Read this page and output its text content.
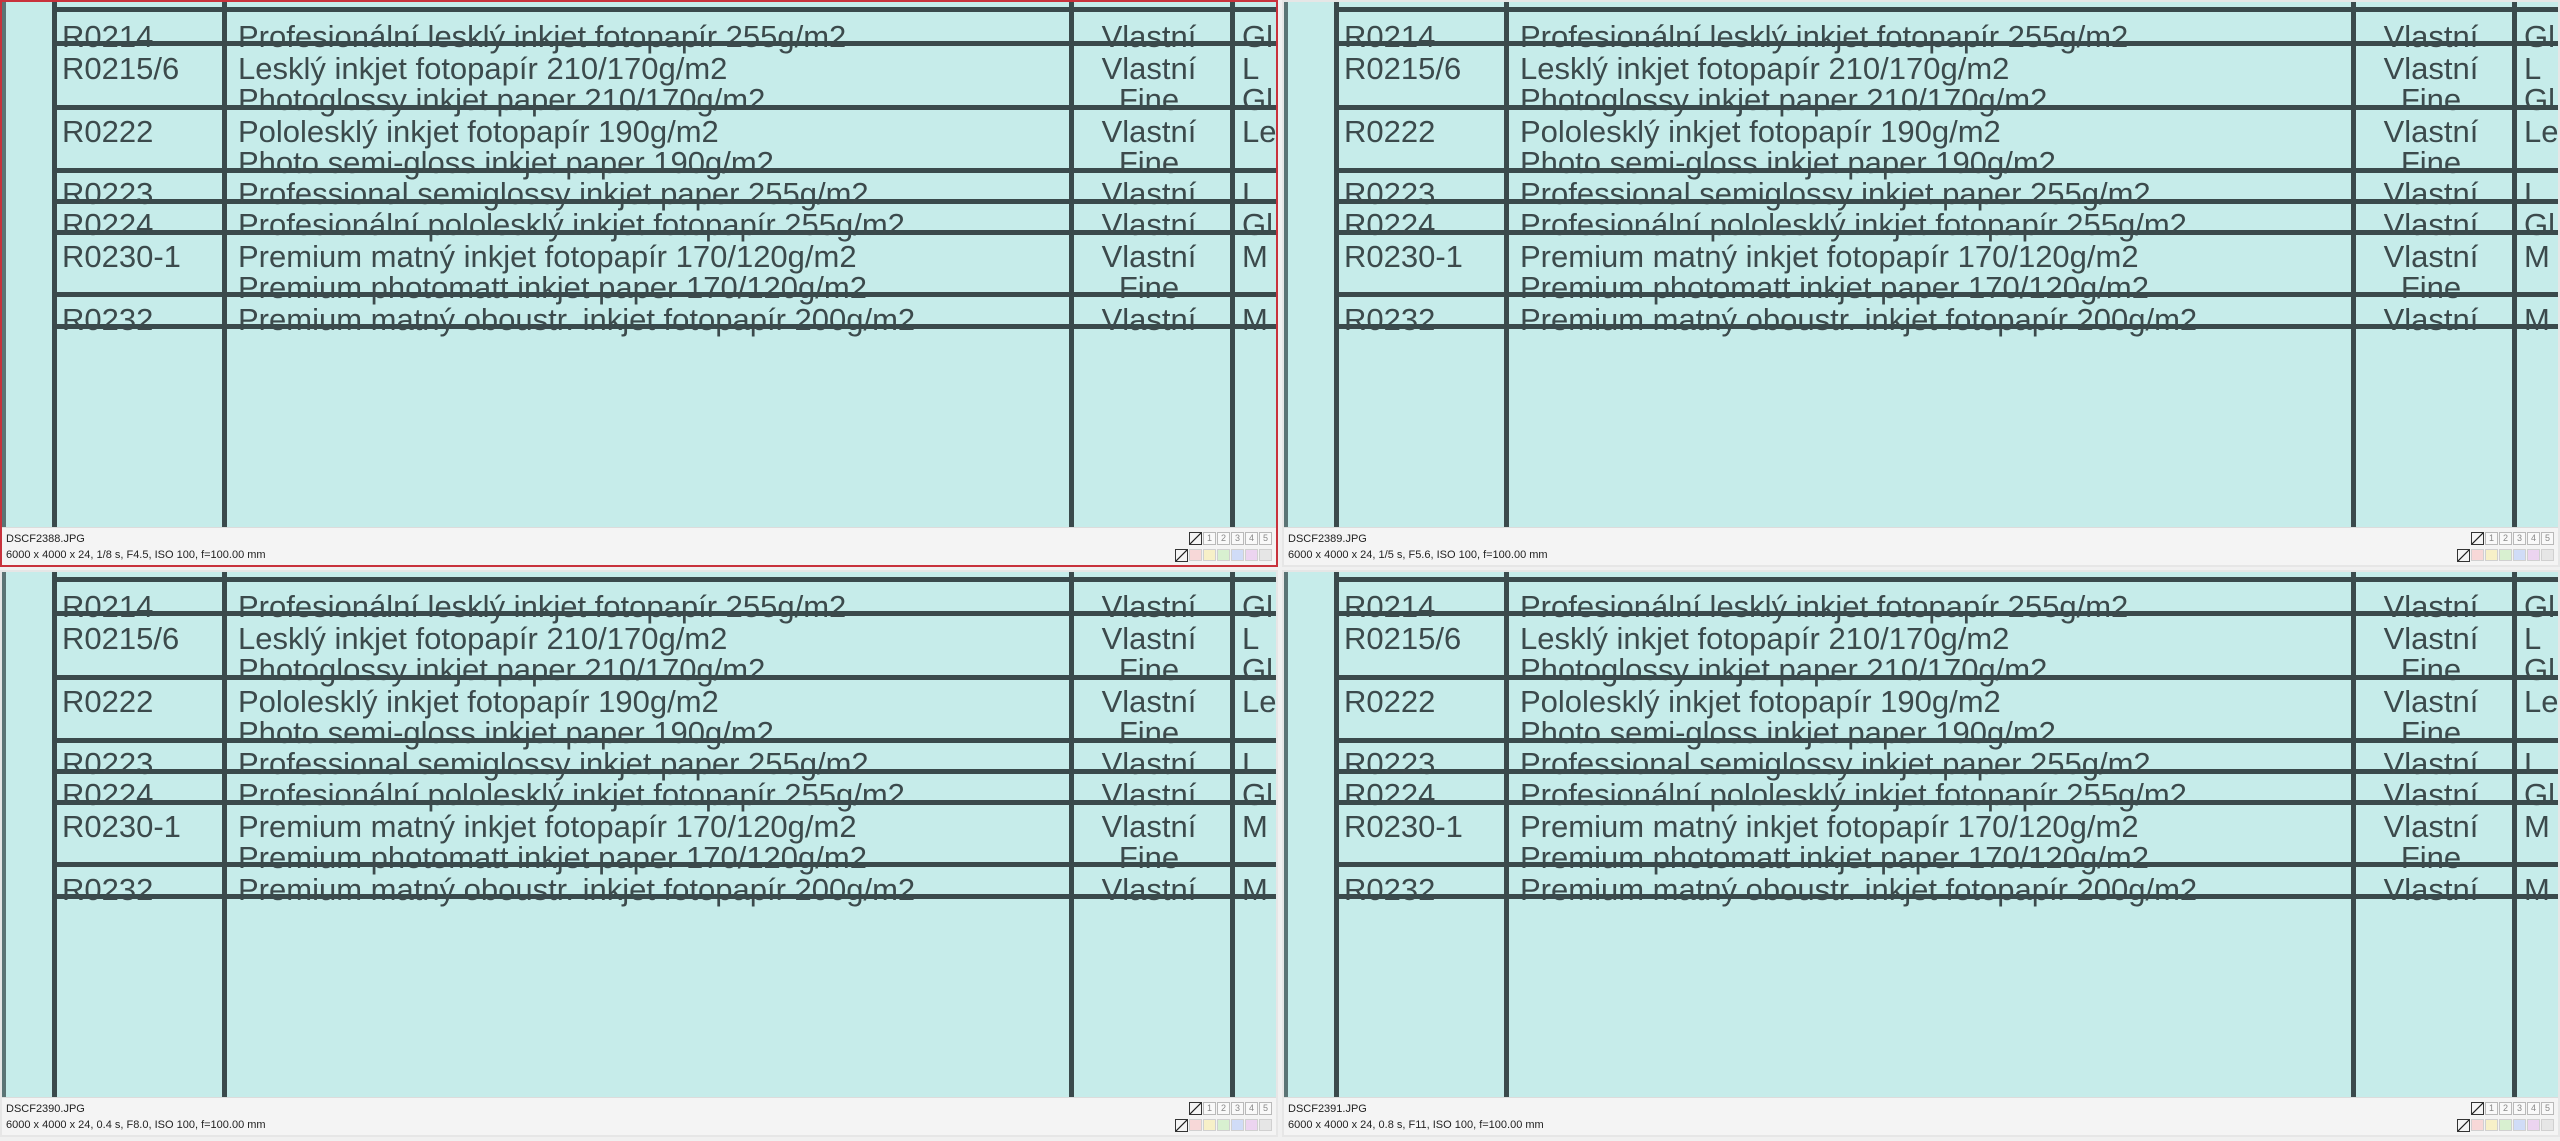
R0214	Profesionální lesklý inkjet fotopapír 255g/m2	Vlastní	Gl
R0215/6 Lesklý inkjet fotopapír 210/170g/m2	Vlastní	L
Photoglossy inkjet paper 210/170g/m2	Fine	Gl
R0222	Pololesklý inkjet fotopapír 190g/m2	Vlastní	Le
Photo semi-gloss inkjet paper 190g/m2	Fine
R0223	Professional semiglossy inkjet paper 255g/m2	Vlastní	L
R0224	Profesionální pololesklý inkjet fotopapír 255g/m2	Vlastní	Gl
R0230-1 Premium matný inkjet fotopapír 170/120g/m2	Vlastní	M
Premium photomatt inkjet paper 170/120g/m2	Fine
R0232	Premium matný oboustr. inkjet fotopapír 200g/m2	Vlastní	M
DSCF2388.JPG
6000 x 4000 x 24, 1/8 s, F4.5, ISO 100, f=100.00 mm
1 2 3 4 5
R0214	Profesionální lesklý inkjet fotopapír 255g/m2	Vlastní	Gl
R0215/6 Lesklý inkjet fotopapír 210/170g/m2	Vlastní	L
Photoglossy inkjet paper 210/170g/m2	Fine	Gl
R0222	Pololesklý inkjet fotopapír 190g/m2	Vlastní	Le
Photo semi-gloss inkjet paper 190g/m2	Fine
R0223	Professional semiglossy inkjet paper 255g/m2	Vlastní	L
R0224	Profesionální pololesklý inkjet fotopapír 255g/m2	Vlastní	Gl
R0230-1 Premium matný inkjet fotopapír 170/120g/m2	Vlastní	M
Premium photomatt inkjet paper 170/120g/m2	Fine
R0232	Premium matný oboustr. inkjet fotopapír 200g/m2	Vlastní	M
DSCF2389.JPG
6000 x 4000 x 24, 1/5 s, F5.6, ISO 100, f=100.00 mm
1 2 3 4 5
R0214	Profesionální lesklý inkjet fotopapír 255g/m2	Vlastní	Gl
R0215/6 Lesklý inkjet fotopapír 210/170g/m2	Vlastní	L
Photoglossy inkjet paper 210/170g/m2	Fine	Gl
R0222	Pololesklý inkjet fotopapír 190g/m2	Vlastní	Le
Photo semi-gloss inkjet paper 190g/m2	Fine
R0223	Professional semiglossy inkjet paper 255g/m2	Vlastní	L
R0224	Profesionální pololesklý inkjet fotopapír 255g/m2	Vlastní	Gl
R0230-1 Premium matný inkjet fotopapír 170/120g/m2	Vlastní	M
Premium photomatt inkjet paper 170/120g/m2	Fine
R0232	Premium matný oboustr. inkjet fotopapír 200g/m2	Vlastní	M
DSCF2390.JPG
6000 x 4000 x 24, 0.4 s, F8.0, ISO 100, f=100.00 mm
1 2 3 4 5
R0214	Profesionální lesklý inkjet fotopapír 255g/m2	Vlastní	Gl
R0215/6 Lesklý inkjet fotopapír 210/170g/m2	Vlastní	L
Photoglossy inkjet paper 210/170g/m2	Fine	Gl
R0222	Pololesklý inkjet fotopapír 190g/m2	Vlastní	Le
Photo semi-gloss inkjet paper 190g/m2	Fine
R0223	Professional semiglossy inkjet paper 255g/m2	Vlastní	L
R0224	Profesionální pololesklý inkjet fotopapír 255g/m2	Vlastní	Gl
R0230-1 Premium matný inkjet fotopapír 170/120g/m2	Vlastní	M
Premium photomatt inkjet paper 170/120g/m2	Fine
R0232	Premium matný oboustr. inkjet fotopapír 200g/m2	Vlastní	M
DSCF2391.JPG
6000 x 4000 x 24, 0.8 s, F11, ISO 100, f=100.00 mm
1 2 3 4 5
